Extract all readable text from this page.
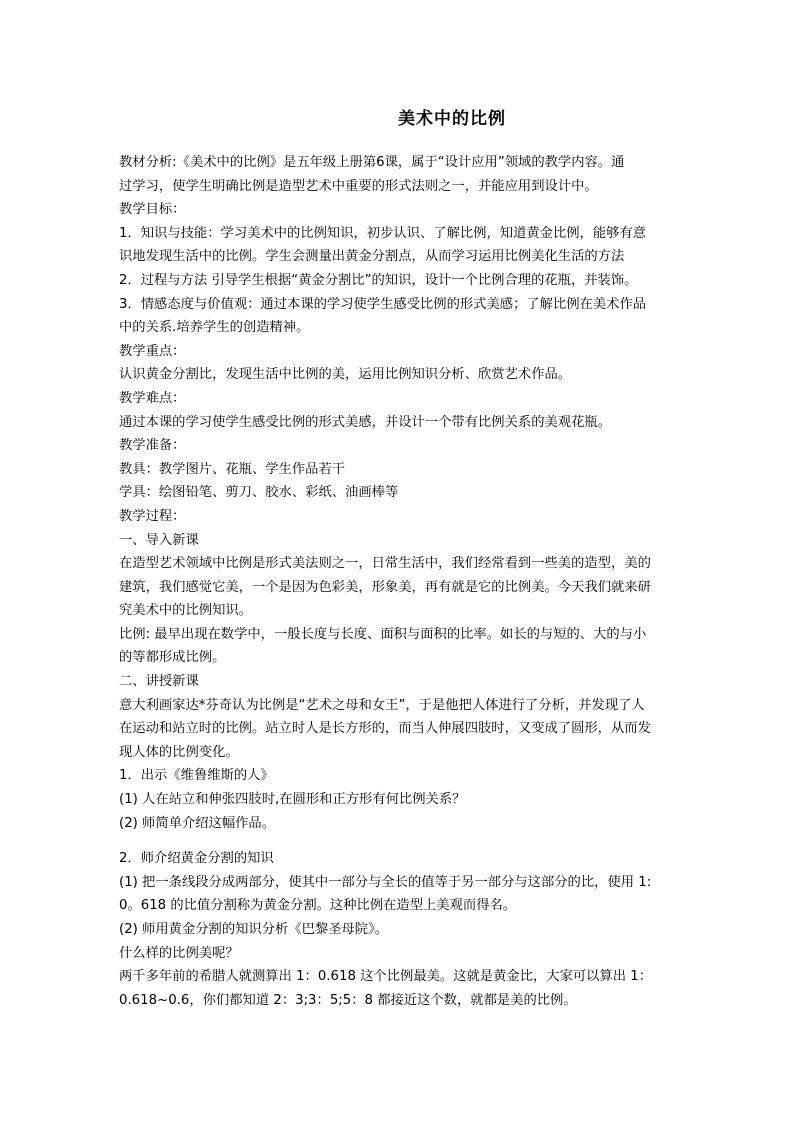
美术中的比例

教材分析:《美术中的比例》是五年级上册第6课，属于“设计应用”领域的教学内容。通

过学习，使学生明确比例是造型艺术中重要的形式法则之一，并能应用到设计中。

教学目标：

1．知识与技能：学习美术中的比例知识，初步认识、了解比例，知道黄金比例，能够有意

识地发现生活中的比例。学生会测量出黄金分割点，从而学习运用比例美化生活的方法

2．过程与方法 引导学生根据“黄金分割比”的知识，设计一个比例合理的花瓶，并装饰。

3．情感态度与价值观：通过本课的学习使学生感受比例的形式美感；了解比例在美术作品

中的关系.培养学生的创造精神。

教学重点：

认识黄金分割比，发现生活中比例的美，运用比例知识分析、欣赏艺术作品。

教学难点：

通过本课的学习使学生感受比例的形式美感，并设计一个带有比例关系的美观花瓶。

教学准备：

教具：教学图片、花瓶、学生作品若干

学具：绘图铅笔、剪刀、胶水、彩纸、油画棒等

教学过程：

一、导入新课

在造型艺术领域中比例是形式美法则之一，日常生活中，我们经常看到一些美的造型，美的

建筑，我们感觉它美，一个是因为色彩美，形象美，再有就是它的比例美。今天我们就来研

究美术中的比例知识。

比例: 最早出现在数学中，一般长度与长度、面积与面积的比率。如长的与短的、大的与小

的等都形成比例。

二、讲授新课

意大利画家达*芬奇认为比例是“艺术之母和女王”，于是他把人体进行了分析，并发现了人

在运动和站立时的比例。站立时人是长方形的，而当人伸展四肢时，又变成了圆形，从而发

现人体的比例变化。

1．出示《维鲁维斯的人》

(1) 人在站立和伸张四肢时,在圆形和正方形有何比例关系？

(2) 师简单介绍这幅作品。

2．师介绍黄金分割的知识

(1) 把一条线段分成两部分，使其中一部分与全长的值等于另一部分与这部分的比，使用 1:

0。618 的比值分割称为黄金分割。这种比例在造型上美观而得名。

(2) 师用黄金分割的知识分析《巴黎圣母院》。

什么样的比例美呢？

两千多年前的希腊人就测算出 1：0.618 这个比例最美。这就是黄金比，大家可以算出 1：

0.618~0.6，你们都知道 2：3;3：5;5：8 都接近这个数，就都是美的比例。
